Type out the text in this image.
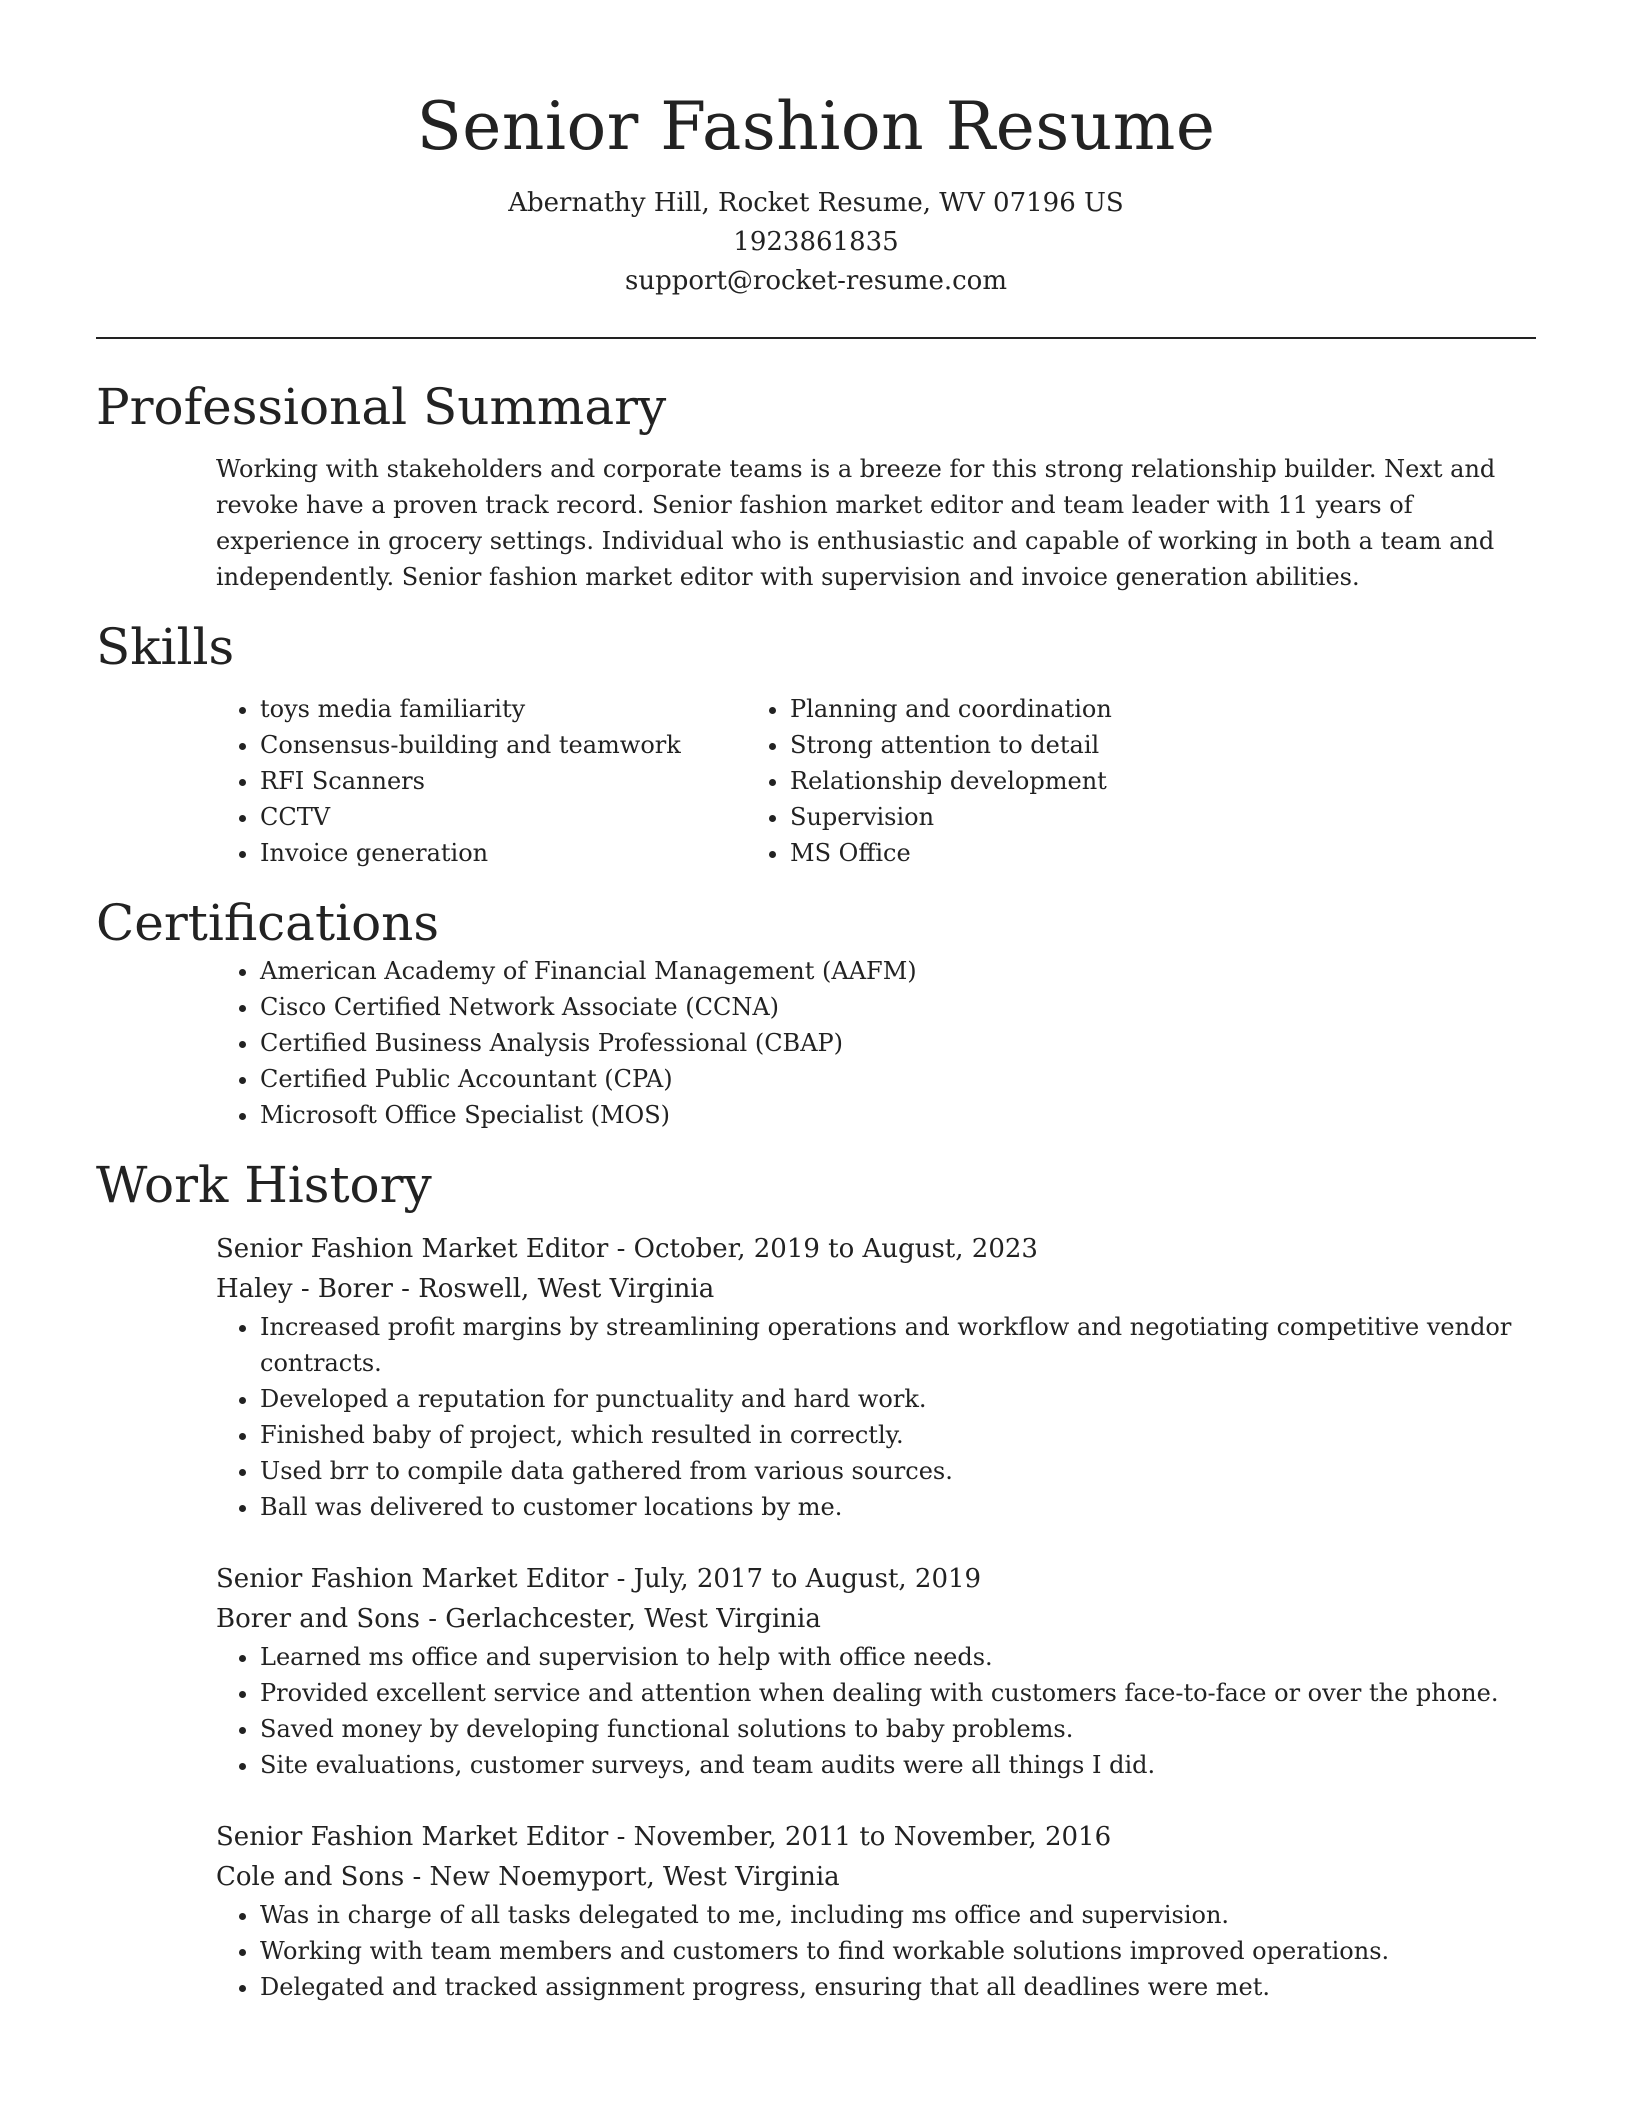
Senior Fashion Resume

Abernathy Hill, Rocket Resume, WV 07196 US

1923861835

support@rocket-resume.com

Professional Summary

Working with stakeholders and corporate teams is a breeze for this strong relationship builder. Next and revoke have a proven track record. Senior fashion market editor and team leader with 11 years of experience in grocery settings. Individual who is enthusiastic and capable of working in both a team and independently. Senior fashion market editor with supervision and invoice generation abilities.

Skills
• toys media familiarity
• Consensus-building and teamwork
• RFI Scanners
• CCTV
• Invoice generation
• Planning and coordination
• Strong attention to detail
• Relationship development
• Supervision
• MS Office
Certifications
• American Academy of Financial Management (AAFM)
• Cisco Certified Network Associate (CCNA)
• Certified Business Analysis Professional (CBAP)
• Certified Public Accountant (CPA)
• Microsoft Office Specialist (MOS)
Work History

Senior Fashion Market Editor - October, 2019 to August, 2023

Haley - Borer - Roswell, West Virginia

• Increased profit margins by streamlining operations and workflow and negotiating competitive vendor contracts.
• Developed a reputation for punctuality and hard work.
• Finished baby of project, which resulted in correctly.
• Used brr to compile data gathered from various sources.
• Ball was delivered to customer locations by me.

Senior Fashion Market Editor - July, 2017 to August, 2019

Borer and Sons - Gerlachcester, West Virginia

• Learned ms office and supervision to help with office needs.
• Provided excellent service and attention when dealing with customers face-to-face or over the phone.
• Saved money by developing functional solutions to baby problems.
• Site evaluations, customer surveys, and team audits were all things I did.

Senior Fashion Market Editor - November, 2011 to November, 2016

Cole and Sons - New Noemyport, West Virginia

• Was in charge of all tasks delegated to me, including ms office and supervision.
• Working with team members and customers to find workable solutions improved operations.
• Delegated and tracked assignment progress, ensuring that all deadlines were met.
